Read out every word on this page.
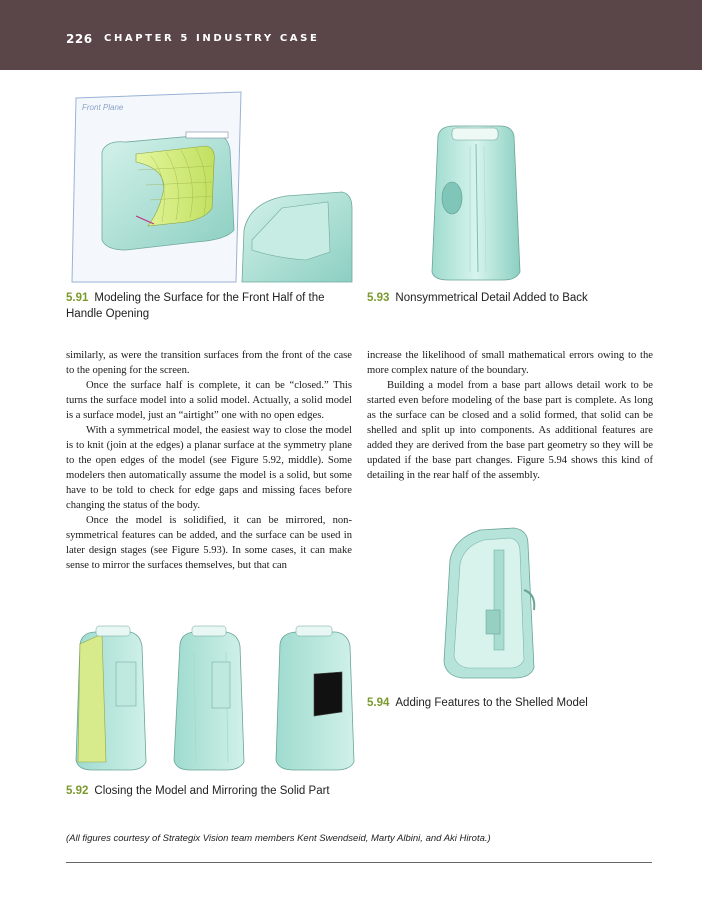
226 CHAPTER 5 INDUSTRY CASE
Front Plane
5.91 Modeling the Surface for the Front Half of the Handle Opening
5.93 Nonsymmetrical Detail Added to Back

similarly, as were the transition surfaces from the front of the case to the opening for the screen.

Once the surface half is complete, it can be “closed.” This turns the surface model into a solid model. Actually, a solid model is a surface model, just an “airtight” one with no open edges.

With a symmetrical model, the easiest way to close the model is to knit (join at the edges) a planar surface at the symmetry plane to the open edges of the model (see Figure 5.92, middle). Some modelers then automatically assume the model is a solid, but some have to be told to check for edge gaps and missing faces before changing the status of the body.

Once the model is solidified, it can be mirrored, non-symmetrical features can be added, and the surface can be used in later design stages (see Figure 5.93). In some cases, it can make sense to mirror the surfaces themselves, but that can

increase the likelihood of small mathematical errors owing to the more complex nature of the boundary.

Building a model from a base part allows detail work to be started even before modeling of the base part is complete. As long as the surface can be closed and a solid formed, that solid can be shelled and split up into components. As additional features are added they are derived from the base part geometry so they will be updated if the base part changes. Figure 5.94 shows this kind of detailing in the rear half of the assembly.

5.92 Closing the Model and Mirroring the Solid Part
5.94 Adding Features to the Shelled Model
(All figures courtesy of Strategix Vision team members Kent Swendseid, Marty Albini, and Aki Hirota.)
